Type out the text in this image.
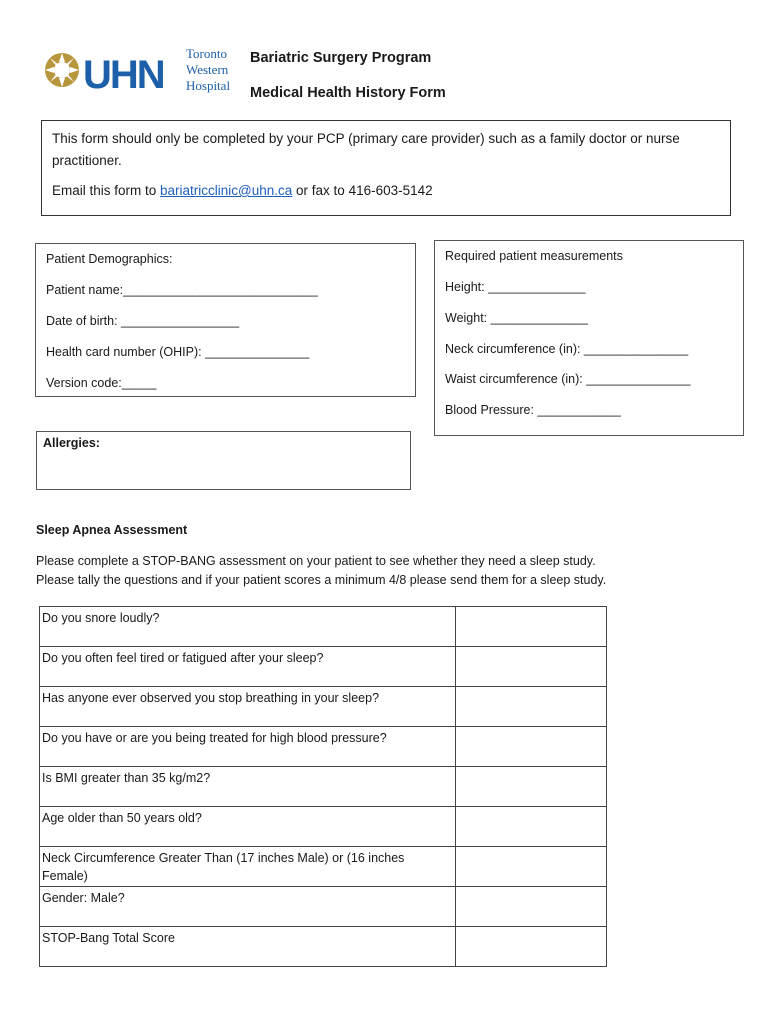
UHN Toronto
Western
Hospital
Bariatric Surgery Program
Medical Health History Form

This form should only be completed by your PCP (primary care provider) such as a family doctor or nurse practitioner.

Email this form to bariatricclinic@uhn.ca or fax to 416-603-5142

Patient Demographics:
Patient name:____________________________
Date of birth: _________________
Health card number (OHIP): _______________
Version code:_____
Required patient measurements
Height: ______________
Weight: ______________
Neck circumference (in): _______________
Waist circumference (in): _______________
Blood Pressure: ____________
Allergies:
Sleep Apnea Assessment
Please complete a STOP-BANG assessment on your patient to see whether they need a sleep study.
Please tally the questions and if your patient scores a minimum 4/8 please send them for a sleep study.
Do you snore loudly?	
Do you often feel tired or fatigued after your sleep?	
Has anyone ever observed you stop breathing in your sleep?	
Do you have or are you being treated for high blood pressure?	
Is BMI greater than 35 kg/m2?	
Age older than 50 years old?	
Neck Circumference Greater Than (17 inches Male) or (16 inches Female)	
Gender: Male?	
STOP-Bang Total Score	
